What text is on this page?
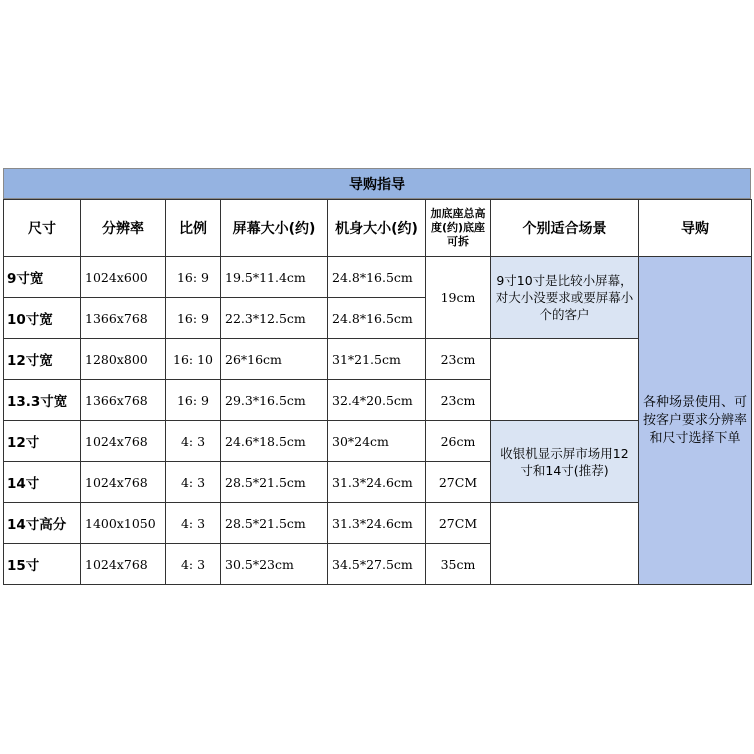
导购指导
尺寸	分辨率	比例	屏幕大小(约)	机身大小(约)	加底座总高度(约)底座可拆	个别适合场景	导购
9寸宽	1024x600	16: 9	19.5*11.4cm	24.8*16.5cm	19cm	9寸10寸是比较小屏幕，对大小没要求或要屏幕小个的客户	各种场景使用、可按客户要求分辨率和尺寸选择下单
10寸宽	1366x768	16: 9	22.3*12.5cm	24.8*16.5cm			
12寸宽	1280x800	16: 10	26*16cm	31*21.5cm	23cm		
13.3寸宽	1366x768	16: 9	29.3*16.5cm	32.4*20.5cm	23cm		
12寸	1024x768	4: 3	24.6*18.5cm	30*24cm	26cm	收银机显示屏市场用12寸和14寸(推荐)	
14寸	1024x768	4: 3	28.5*21.5cm	31.3*24.6cm	27CM		
14寸高分	1400x1050	4: 3	28.5*21.5cm	31.3*24.6cm	27CM		
15寸	1024x768	4: 3	30.5*23cm	34.5*27.5cm	35cm		
